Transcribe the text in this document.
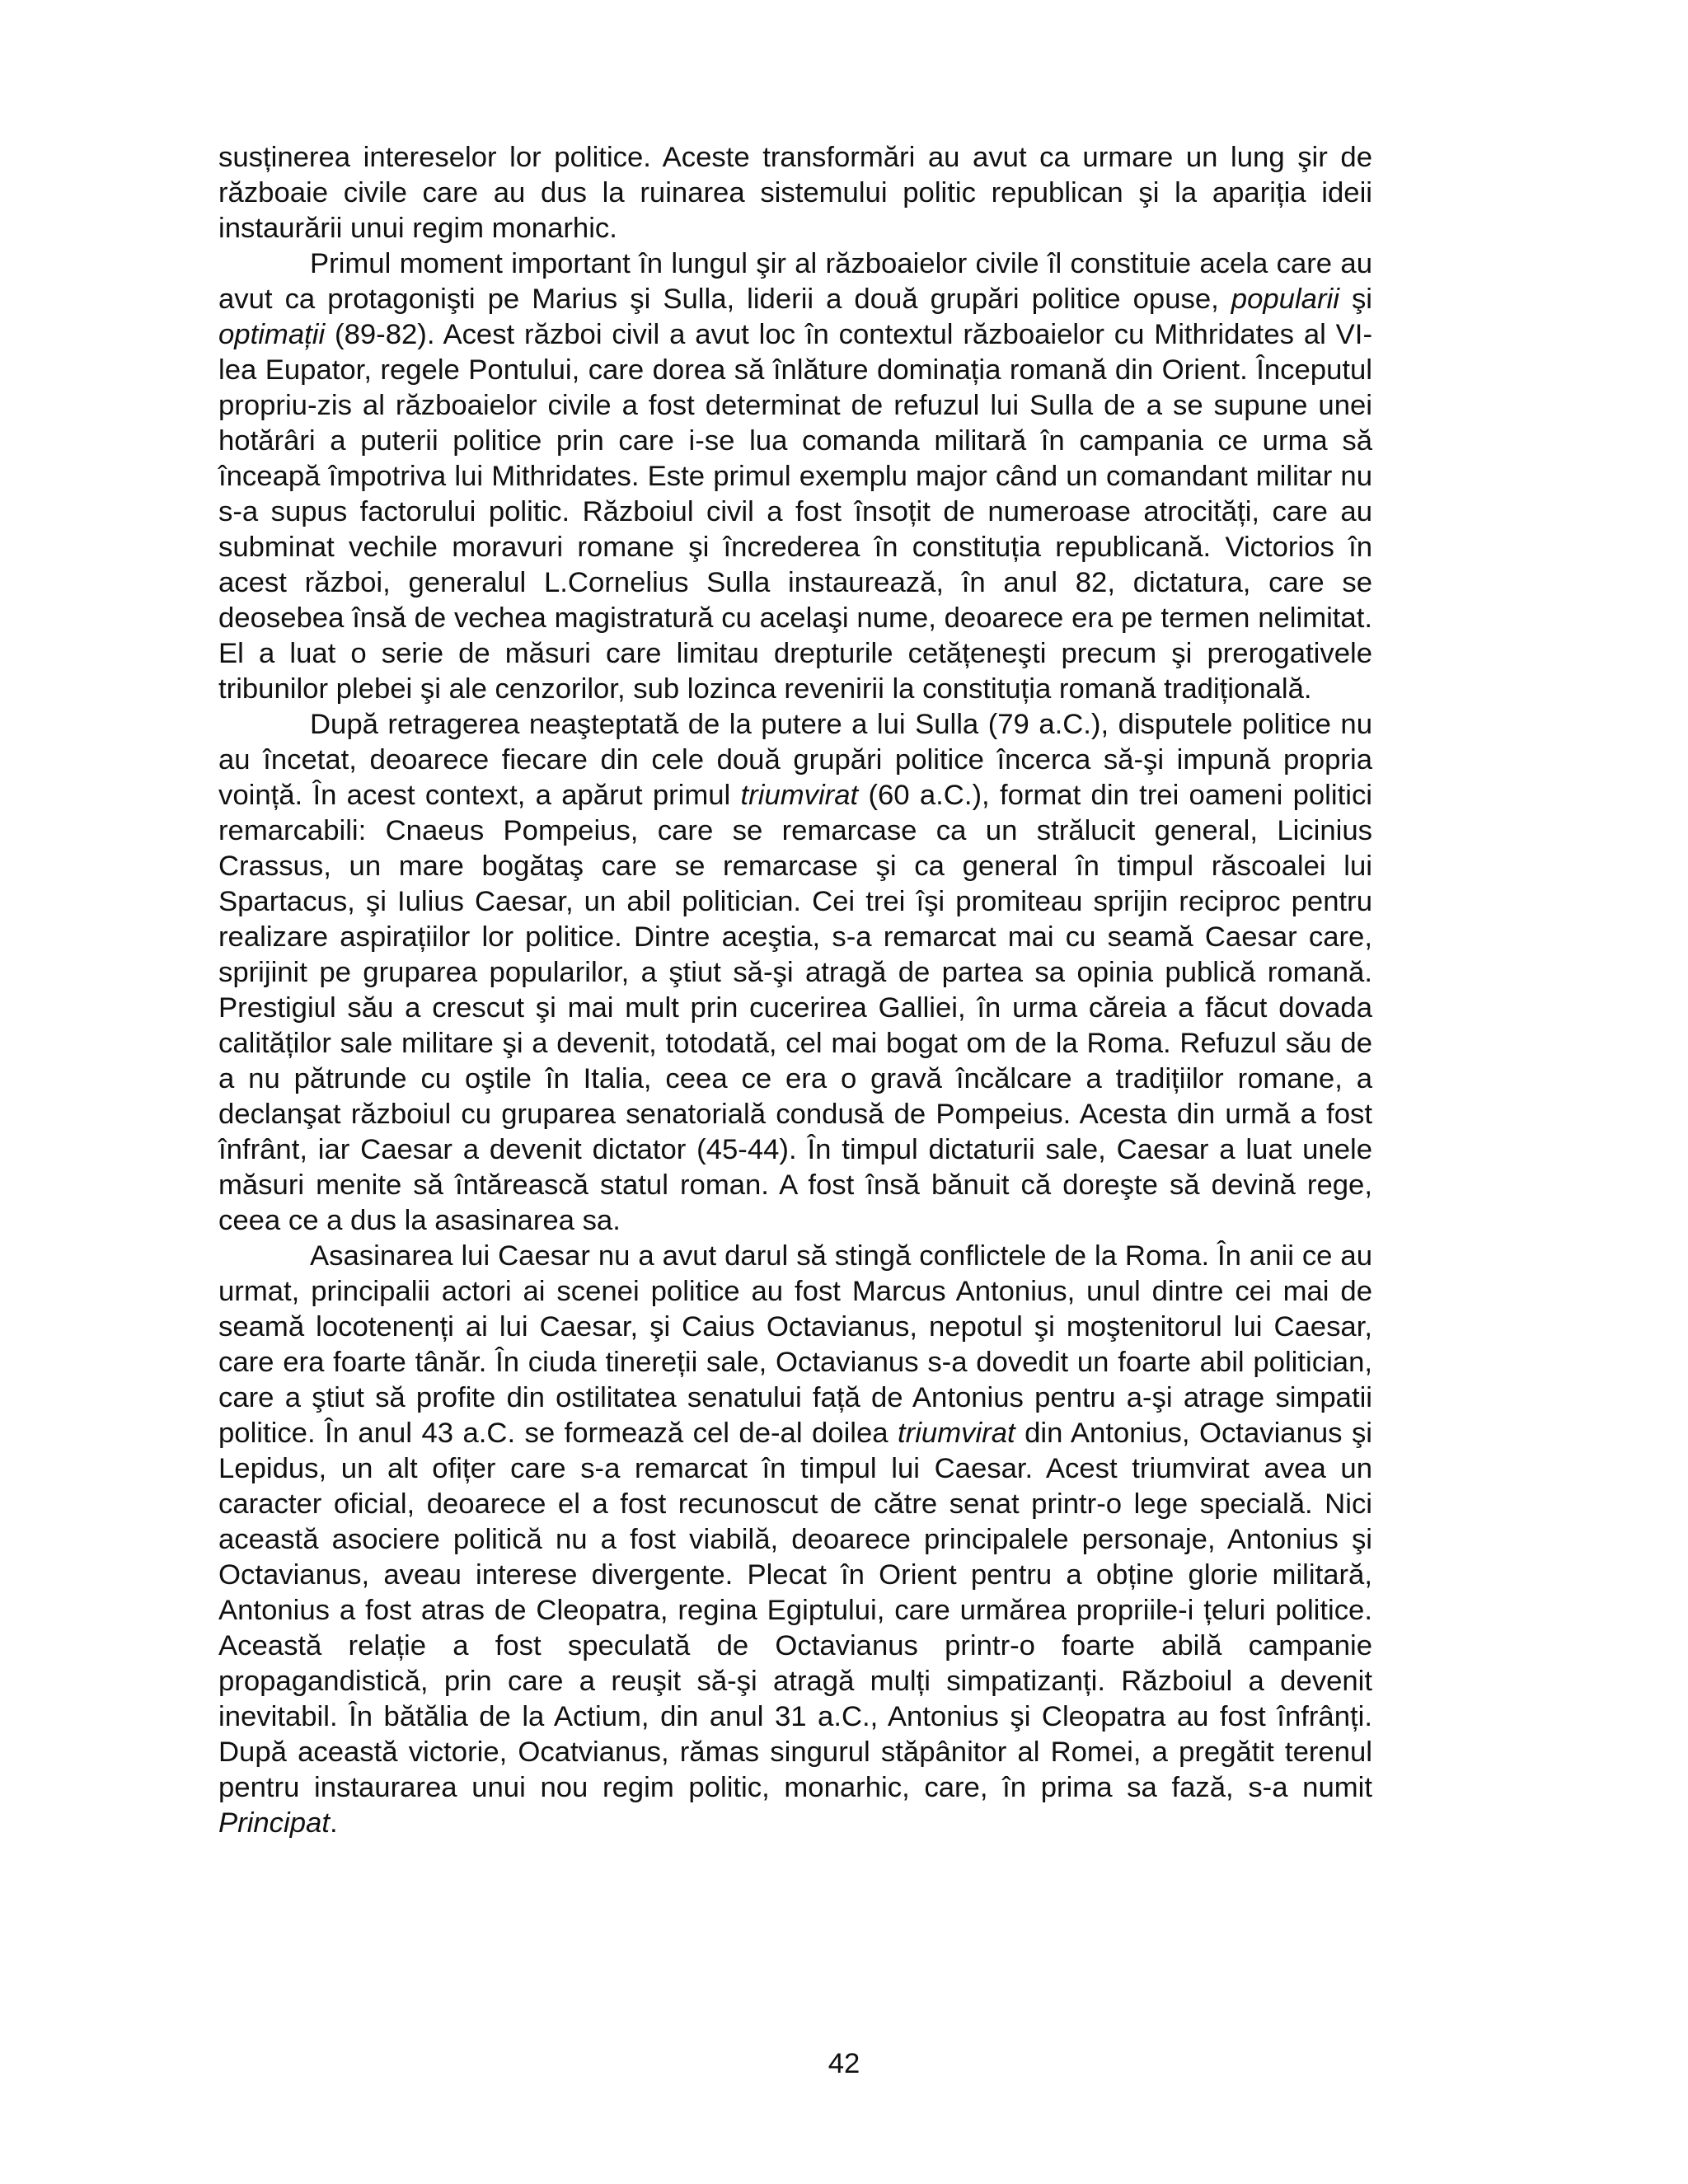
susținerea intereselor lor politice. Aceste transformări au avut ca urmare un lung şir de războaie civile care au dus la ruinarea sistemului politic republican şi la apariția ideii instaurării unui regim monarhic.

Primul moment important în lungul şir al războaielor civile îl constituie acela care au avut ca protagonişti pe Marius şi Sulla, liderii a două grupări politice opuse, popularii şi optimații (89-82). Acest război civil a avut loc în contextul războaielor cu Mithridates al VI-lea Eupator, regele Pontului, care dorea să înlăture dominația romană din Orient. Începutul propriu-zis al războaielor civile a fost determinat de refuzul lui Sulla de a se supune unei hotărâri a puterii politice prin care i-se lua comanda militară în campania ce urma să înceapă împotriva lui Mithridates. Este primul exemplu major când un comandant militar nu s-a supus factorului politic. Războiul civil a fost însoțit de numeroase atrocități, care au subminat vechile moravuri romane şi încrederea în constituția republicană. Victorios în acest război, generalul L.Cornelius Sulla instaurează, în anul 82, dictatura, care se deosebea însă de vechea magistratură cu acelaşi nume, deoarece era pe termen nelimitat. El a luat o serie de măsuri care limitau drepturile cetățeneşti precum şi prerogativele tribunilor plebei şi ale cenzorilor, sub lozinca revenirii la constituția romană tradițională.

După retragerea neaşteptată de la putere a lui Sulla (79 a.C.), disputele politice nu au încetat, deoarece fiecare din cele două grupări politice încerca să-şi impună propria voință. În acest context, a apărut primul triumvirat (60 a.C.), format din trei oameni politici remarcabili: Cnaeus Pompeius, care se remarcase ca un strălucit general, Licinius Crassus, un mare bogătaş care se remarcase şi ca general în timpul răscoalei lui Spartacus, şi Iulius Caesar, un abil politician. Cei trei îşi promiteau sprijin reciproc pentru realizare aspirațiilor lor politice. Dintre aceştia, s-a remarcat mai cu seamă Caesar care, sprijinit pe gruparea popularilor, a ştiut să-şi atragă de partea sa opinia publică romană. Prestigiul său a crescut şi mai mult prin cucerirea Galliei, în urma căreia a făcut dovada calităților sale militare şi a devenit, totodată, cel mai bogat om de la Roma. Refuzul său de a nu pătrunde cu oştile în Italia, ceea ce era o gravă încălcare a tradițiilor romane, a declanşat războiul cu gruparea senatorială condusă de Pompeius. Acesta din urmă a fost înfrânt, iar Caesar a devenit dictator (45-44). În timpul dictaturii sale, Caesar a luat unele măsuri menite să întărească statul roman. A fost însă bănuit că doreşte să devină rege, ceea ce a dus la asasinarea sa.

Asasinarea lui Caesar nu a avut darul să stingă conflictele de la Roma. În anii ce au urmat, principalii actori ai scenei politice au fost Marcus Antonius, unul dintre cei mai de seamă locotenenți ai lui Caesar, şi Caius Octavianus, nepotul şi moştenitorul lui Caesar, care era foarte tânăr. În ciuda tinereții sale, Octavianus s-a dovedit un foarte abil politician, care a ştiut să profite din ostilitatea senatului față de Antonius pentru a-şi atrage simpatii politice. În anul 43 a.C. se formează cel de-al doilea triumvirat din Antonius, Octavianus şi Lepidus, un alt ofițer care s-a remarcat în timpul lui Caesar. Acest triumvirat avea un caracter oficial, deoarece el a fost recunoscut de către senat printr-o lege specială. Nici această asociere politică nu a fost viabilă, deoarece principalele personaje, Antonius şi Octavianus, aveau interese divergente. Plecat în Orient pentru a obține glorie militară, Antonius a fost atras de Cleopatra, regina Egiptului, care urmărea propriile-i țeluri politice. Această relație a fost speculată de Octavianus printr-o foarte abilă campanie propagandistică, prin care a reuşit să-şi atragă mulți simpatizanți. Războiul a devenit inevitabil. În bătălia de la Actium, din anul 31 a.C., Antonius şi Cleopatra au fost înfrânți. După această victorie, Ocatvianus, rămas singurul stăpânitor al Romei, a pregătit terenul pentru instaurarea unui nou regim politic, monarhic, care, în prima sa fază, s-a numit Principat.

42
